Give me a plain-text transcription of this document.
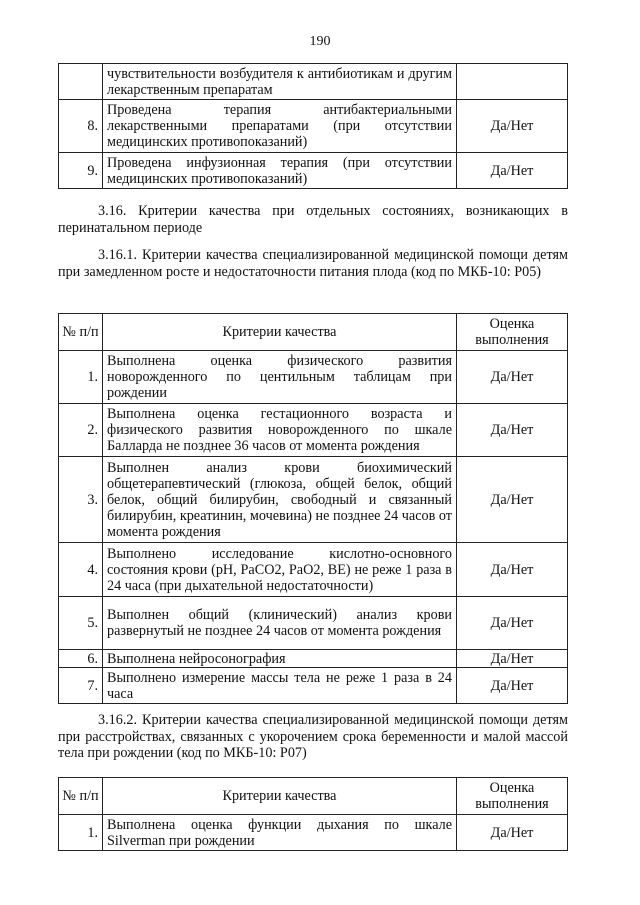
190
	чувствительности возбудителя к антибиотикам и другим лекарственным препаратам	
8.	Проведена терапия антибактериальными лекарственными препаратами (при отсутствии медицинских противопоказаний)	Да/Нет
9.	Проведена инфузионная терапия (при отсутствии медицинских противопоказаний)	Да/Нет

3.16. Критерии качества при отдельных состояниях, возникающих в перинатальном периоде

3.16.1. Критерии качества специализированной медицинской помощи детям при замедленном росте и недостаточности питания плода (код по МКБ-10: P05)

№ п/п	Критерии качества	Оценка выполнения
1.	Выполнена оценка физического развития новорожденного по центильным таблицам при рождении	Да/Нет
2.	Выполнена оценка гестационного возраста и физического развития новорожденного по шкале Балларда не позднее 36 часов от момента рождения	Да/Нет
3.	Выполнен анализ крови биохимический общетерапевтический (глюкоза, общей белок, общий белок, общий билирубин, свободный и связанный билирубин, креатинин, мочевина) не позднее 24 часов от момента рождения	Да/Нет
4.	Выполнено исследование кислотно-основного состояния крови (pH, PaCO2, PaO2, BE) не реже 1 раза в 24 часа (при дыхательной недостаточности)	Да/Нет
5.	Выполнен общий (клинический) анализ крови развернутый не позднее 24 часов от момента рождения	Да/Нет
6.	Выполнена нейросонография	Да/Нет
7.	Выполнено измерение массы тела не реже 1 раза в 24 часа	Да/Нет

3.16.2. Критерии качества специализированной медицинской помощи детям при расстройствах, связанных с укорочением срока беременности и малой массой тела при рождении (код по МКБ-10: P07)

№ п/п	Критерии качества	Оценка выполнения
1.	Выполнена оценка функции дыхания по шкале Silverman при рождении	Да/Нет
